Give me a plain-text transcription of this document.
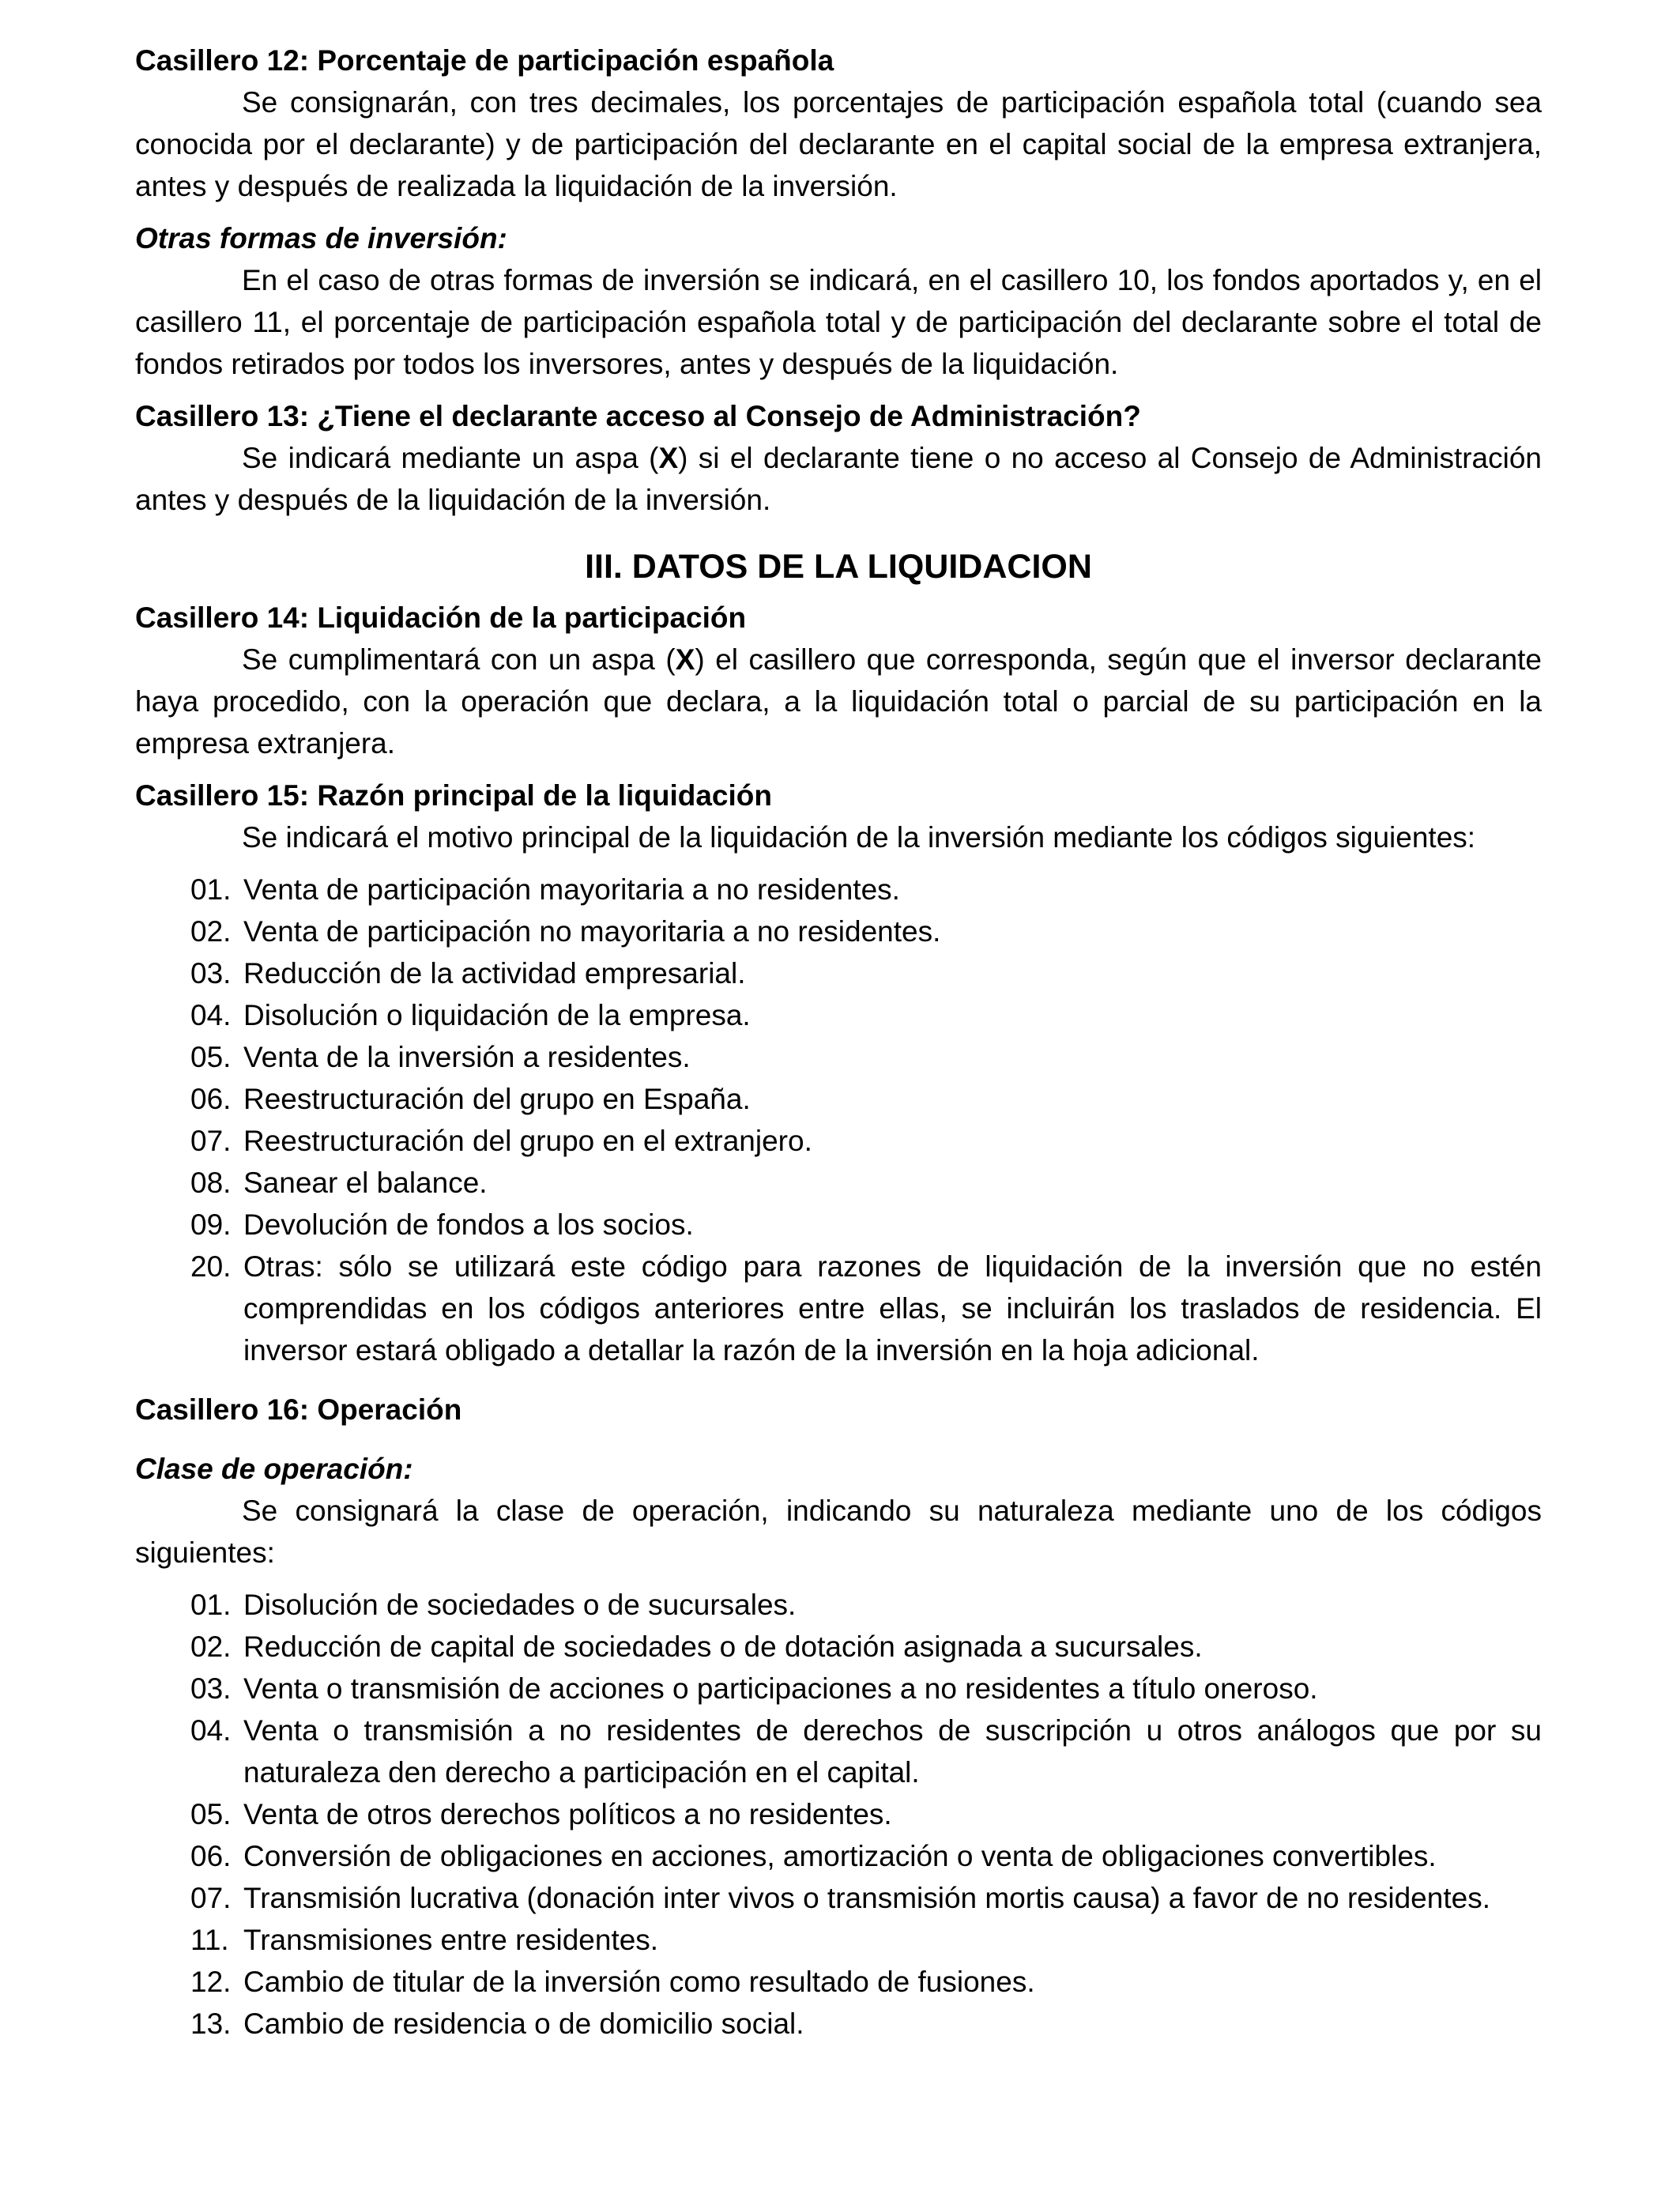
Casillero 12: Porcentaje de participación española

Se consignarán, con tres decimales, los porcentajes de participación española total (cuando sea conocida por el declarante) y de participación del declarante en el capital social de la empresa extranjera, antes y después de realizada la liquidación de la inversión.

Otras formas de inversión:

En el caso de otras formas de inversión se indicará, en el casillero 10, los fondos aportados y, en el casillero 11, el porcentaje de participación española total y de participación del declarante sobre el total de fondos retirados por todos los inversores, antes y después de la liquidación.

Casillero 13: ¿Tiene el declarante acceso al Consejo de Administración?

Se indicará mediante un aspa (X) si el declarante tiene o no acceso al Consejo de Administración antes y después de la liquidación de la inversión.

III. DATOS DE LA LIQUIDACION
Casillero 14: Liquidación de la participación

Se cumplimentará con un aspa (X) el casillero que corresponda, según que el inversor declarante haya procedido, con la operación que declara, a la liquidación total o parcial de su participación en la empresa extranjera.

Casillero 15: Razón principal de la liquidación

Se indicará el motivo principal de la liquidación de la inversión mediante los códigos siguientes:

01. Venta de participación mayoritaria a no residentes.
02. Venta de participación no mayoritaria a no residentes.
03. Reducción de la actividad empresarial.
04. Disolución o liquidación de la empresa.
05. Venta de la inversión a residentes.
06. Reestructuración del grupo en España.
07. Reestructuración del grupo en el extranjero.
08. Sanear el balance.
09. Devolución de fondos a los socios.
20. Otras: sólo se utilizará este código para razones de liquidación de la inversión que no estén comprendidas en los códigos anteriores entre ellas, se incluirán los traslados de residencia. El inversor estará obligado a detallar la razón de la inversión en la hoja adicional.
Casillero 16: Operación
Clase de operación:

Se consignará la clase de operación, indicando su naturaleza mediante uno de los códigos siguientes:

01. Disolución de sociedades o de sucursales.
02. Reducción de capital de sociedades o de dotación asignada a sucursales.
03. Venta o transmisión de acciones o participaciones a no residentes a título oneroso.
04. Venta o transmisión a no residentes de derechos de suscripción u otros análogos que por su naturaleza den derecho a participación en el capital.
05. Venta de otros derechos políticos a no residentes.
06. Conversión de obligaciones en acciones, amortización o venta de obligaciones convertibles.
07. Transmisión lucrativa (donación inter vivos o transmisión mortis causa) a favor de no residentes.
11. Transmisiones entre residentes.
12. Cambio de titular de la inversión como resultado de fusiones.
13. Cambio de residencia o de domicilio social.
